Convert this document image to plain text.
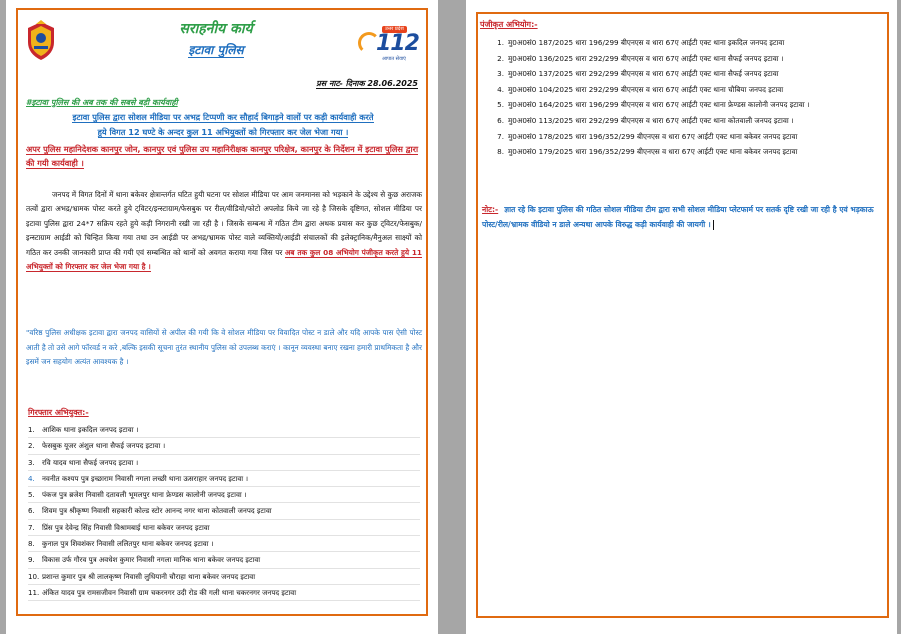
सराहनीय कार्य
इटावा पुलिस
उत्तर प्रदेश
112
आपात सेवाएं
प्रस नाट- दिनाक 28.06.2025
#इटावा पुलिस की अब तक की सबसे बड़ी कार्यवाही
इटावा पुलिस द्वारा सोशल मीडिया पर अभद्र टिप्पणी कर सौहार्द बिगाड़ने वालों पर कड़ी कार्यवाही करते
हुये विगत 12 घण्टे के अन्दर कुल 11 अभियुक्तों को गिरफ्तार कर जेल भेजा गया ।
अपर पुलिस महानिदेशक कानपुर जोन, कानपुर एवं पुलिस उप महानिरीक्षक कानपुर परिक्षेत्र, कानपुर के निर्देशन में इटावा पुलिस द्वारा की गयी कार्यवाही ।
जनपद में विगत दिनों में थाना बकेवर क्षेत्रान्तर्गत घटित हुयी घटना पर सोशल मीडिया पर आम जनमानस को भड़काने के उद्देश्य से कुछ अराजक तत्वों द्वारा अभद्र/भ्रामक पोस्ट करते हुये ट्विटर/इन्स्टाग्राम/फेसबुक पर रील/वीडियो/फोटो अपलोड किये जा रहे है जिसके दृष्टिगत, सोशल मीडिया पर इटावा पुलिस द्वारा 24*7 सक्रिय रहते हुये कड़ी निगरानी रखी जा रही है । जिसके सम्बन्ध में गठित टीम द्वारा अथक प्रयास कर कुछ ट्विटर/फेसबुक/इन्स्टाग्राम आईडी को चिन्हित किया गया तथा उन आईडी पर अभद्र/भ्रामक पोस्ट वाले व्यक्तियों/आईडी संचालकों की इलेक्ट्रानिक/मैनुअल साक्ष्यों को गठित कर उनकी जानकारी प्राप्त की गयी एवं सम्बन्धित को थानों को अवगत कराया गया जिस पर अब तक कुल 08 अभियोग पंजीकृत करते हुये 11 अभियुक्तों को गिरफ्तार कर जेल भेजा गया है ।
"वरिष्ठ पुलिस अधीक्षक इटावा द्वारा जनपद वासियों से अपील की गयी कि वे सोशल मीडिया पर विवादित पोस्ट न डाले और यदि आपके पास ऐसी पोस्ट आती है तो उसे आगे फॉरवर्ड न करे ,बल्कि इसकी सूचना तुरंत स्थानीय पुलिस को उपलब्ध कराएं । कानून व्यवस्था बनाए रखना हमारी प्राथमिकता है और इसमें जन सहयोग अत्यंत आवश्यक है ।
गिरफ्तार अभियुक्त:-
1. आशिक थाना इकदिल जनपद इटावा ।
2. फेसबुक यूजर अंशुल थाना सैफई जनपद इटावा ।
3. रवि यादव थाना सैफई जनपद इटावा ।
4. नवनीत कश्यप पुत्र इच्छाराम निवासी नगला लच्छी थाना ऊसराहार जनपद इटावा ।
5. पंकज पुत्र ब्रजेश निवासी दतावली भूमलपुर थाना फ्रेण्डस कालोनी जनपद इटावा ।
6. शिवम पुत्र श्रीकृष्ण निवासी सहकारी कोल्ड स्टोर आनन्द नगर थाना कोतवाली जनपद इटावा
7. प्रिंस पुत्र देवेन्द्र सिंह निवासी विश्रामबाई थाना बकेवर जनपद इटावा
8. कुनाल पुत्र शिवशंकर निवासी ललितपुर थाना बकेवर जनपद इटावा ।
9. विकास उर्फ गौरव पुत्र अवधेश कुमार निवासी नगला मानिक थाना बकेवर जनपद इटावा
10. प्रशान्त कुमार पुत्र श्री लालकृष्ण निवासी लुधियानी चौराहा थाना बकेवर जनपद इटावा
11. अंकित यादव पुत्र रामसजीवन निवासी ग्राम चकरनगर उदी रोड की गली थाना चकरनगर जनपद इटावा
पंजीकृत अभियोग:-
1. मु0अ0सं0 187/2025 धारा 196/299 बीएनएस व धारा 67ए आईटी एक्ट थाना इकदिल जनपद इटावा
2. मु0अ0सं0 136/2025 धारा 292/299 बीएनएस व धारा 67ए आईटी एक्ट थाना सैफई जनपद इटावा ।
3. मु0अ0सं0 137/2025 धारा 292/299 बीएनएस व धारा 67ए आईटी एक्ट थाना सैफई जनपद इटावा
4. मु0अ0सं0 104/2025 धारा 292/299 बीएनएस व धारा 67ए आईटी एक्ट थाना चौबिया जनपद इटावा
5. मु0अ0सं0 164/2025 धारा 196/299 बीएनएस व धारा 67ए आईटी एक्ट थाना फ्रेण्डस कालोनी जनपद इटावा ।
6. मु0अ0सं0 113/2025 धारा 292/299 बीएनएस व धारा 67ए आईटी एक्ट थाना कोतवाली जनपद इटावा ।
7. मु0अ0सं0 178/2025 धारा 196/352/299 बीएनएस व धारा 67ए आईटी एक्ट थाना बकेवर जनपद इटावा
8. मु0अ0सं0 179/2025 धारा 196/352/299 बीएनएस व धारा 67ए आईटी एक्ट थाना बकेवर जनपद इटावा
नोट:- ज्ञात रहे कि इटावा पुलिस की गठित सोशल मीडिया टीम द्वारा सभी सोशल मीडिया प्लेटफार्म पर सतर्क दृष्टि रखी जा रही है एवं भड़काऊ पोस्ट/रील/भ्रामक वीडियो न डाले अन्यथा आपके विरुद्ध कड़ी कार्यवाही की जायगी ।
